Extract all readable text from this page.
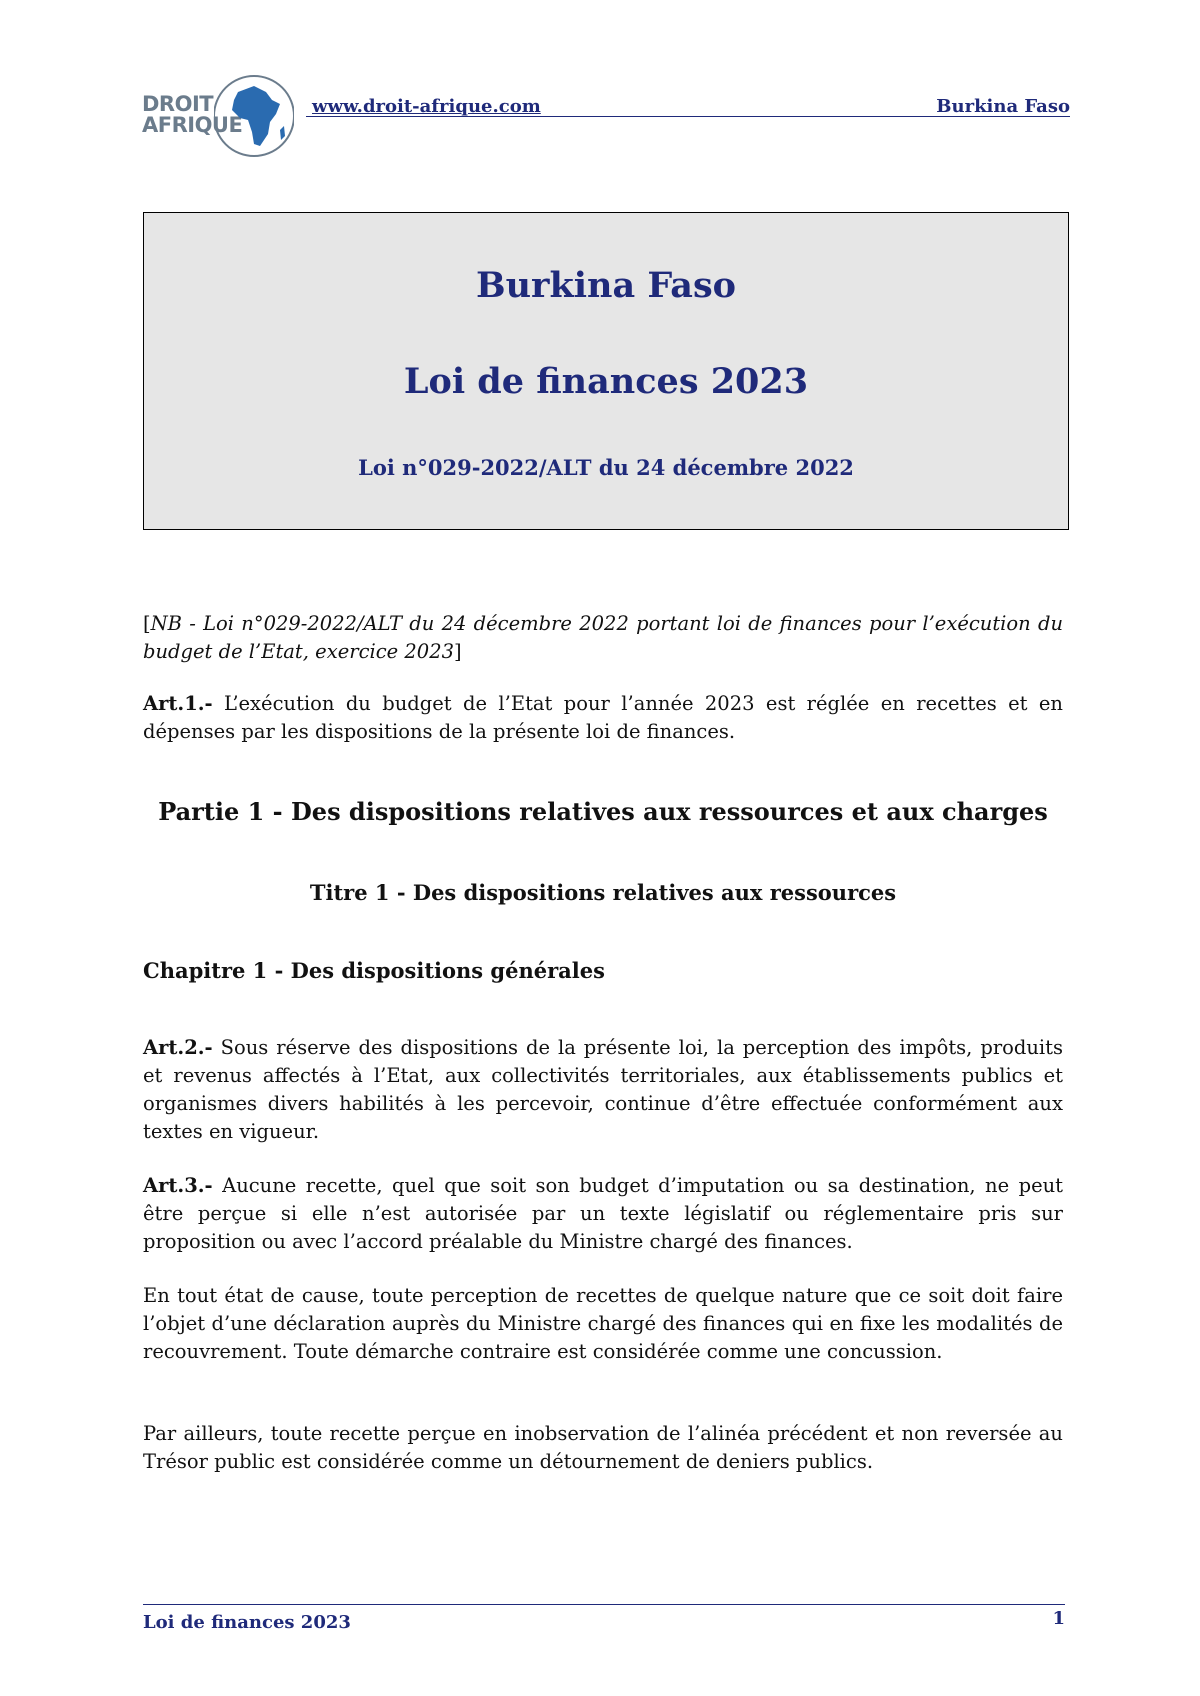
DROIT
AFRIQUE
www.droit-afrique.com	Burkina Faso
Burkina Faso
Loi de finances 2023
Loi n°029-2022/ALT du 24 décembre 2022
[NB - Loi n°029-2022/ALT du 24 décembre 2022 portant loi de finances pour l’exécution du budget de l’Etat, exercice 2023]
Art.1.- L’exécution du budget de l’Etat pour l’année 2023 est réglée en recettes et en dépenses par les dispositions de la présente loi de finances.
Partie 1 - Des dispositions relatives aux ressources et aux charges
Titre 1 - Des dispositions relatives aux ressources
Chapitre 1 - Des dispositions générales
Art.2.- Sous réserve des dispositions de la présente loi, la perception des impôts, produits et revenus affectés à l’Etat, aux collectivités territoriales, aux établissements publics et organismes divers habilités à les percevoir, continue d’être effectuée conformément aux textes en vigueur.
Art.3.- Aucune recette, quel que soit son budget d’imputation ou sa destination, ne peut être perçue si elle n’est autorisée par un texte législatif ou réglementaire pris sur proposition ou avec l’accord préalable du Ministre chargé des finances.
En tout état de cause, toute perception de recettes de quelque nature que ce soit doit faire l’objet d’une déclaration auprès du Ministre chargé des finances qui en fixe les modalités de recouvrement. Toute démarche contraire est considérée comme une concussion.
Par ailleurs, toute recette perçue en inobservation de l’alinéa précédent et non reversée au Trésor public est considérée comme un détournement de deniers publics.
Loi de finances 2023	1
